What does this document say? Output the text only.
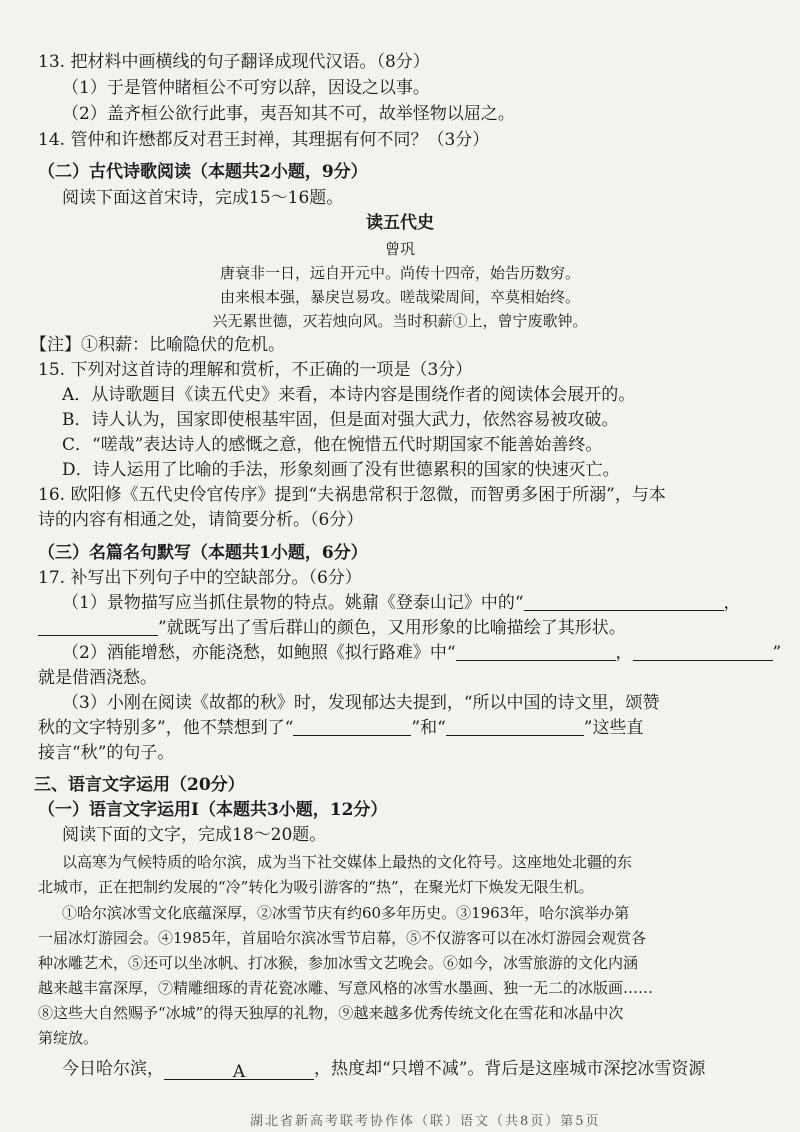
13. 把材料中画横线的句子翻译成现代汉语。（8分）
（1）于是管仲睹桓公不可穷以辞，因设之以事。
（2）盖齐桓公欲行此事，夷吾知其不可，故举怪物以屈之。
14. 管仲和许懋都反对君王封禅，其理据有何不同？（3分）
（二）古代诗歌阅读（本题共2小题，9分）
阅读下面这首宋诗，完成15～16题。
读五代史
曾巩
唐衰非一日，远自开元中。尚传十四帝，始告历数穷。
由来根本强，暴戾岂易攻。嗟哉梁周间，卒莫相始终。
兴无累世德，灭若烛向风。当时积薪①上，曾宁废歌钟。
【注】①积薪：比喻隐伏的危机。
15. 下列对这首诗的理解和赏析，不正确的一项是（3分）
A．从诗歌题目《读五代史》来看，本诗内容是围绕作者的阅读体会展开的。
B．诗人认为，国家即使根基牢固，但是面对强大武力，依然容易被攻破。
C．“嗟哉”表达诗人的感慨之意，他在惋惜五代时期国家不能善始善终。
D．诗人运用了比喻的手法，形象刻画了没有世德累积的国家的快速灭亡。
16. 欧阳修《五代史伶官传序》提到“夫祸患常积于忽微，而智勇多困于所溺”，与本
诗的内容有相通之处，请简要分析。（6分）
（三）名篇名句默写（本题共1小题，6分）
17. 补写出下列句子中的空缺部分。（6分）
（1）景物描写应当抓住景物的特点。姚鼐《登泰山记》中的“	，
”就既写出了雪后群山的颜色，又用形象的比喻描绘了其形状。
（2）酒能增愁，亦能浇愁，如鲍照《拟行路难》中“	，	”
就是借酒浇愁。
（3）小刚在阅读《故都的秋》时，发现郁达夫提到，“所以中国的诗文里，颂赞
秋的文字特别多”，他不禁想到了“	”和“	”这些直
接言“秋”的句子。
三、语言文字运用（20分）
（一）语言文字运用Ⅰ（本题共3小题，12分）
阅读下面的文字，完成18～20题。
以高寒为气候特质的哈尔滨，成为当下社交媒体上最热的文化符号。这座地处北疆的东
北城市，正在把制约发展的“冷”转化为吸引游客的“热”，在聚光灯下焕发无限生机。
①哈尔滨冰雪文化底蕴深厚，②冰雪节庆有约60多年历史。③1963年，哈尔滨举办第
一届冰灯游园会。④1985年，首届哈尔滨冰雪节启幕，⑤不仅游客可以在冰灯游园会观赏各
种冰雕艺术，⑤还可以坐冰帆、打冰猴，参加冰雪文艺晚会。⑥如今，冰雪旅游的文化内涵
越来越丰富深厚，⑦精雕细琢的青花瓷冰雕、写意风格的冰雪水墨画、独一无二的冰版画……
⑧这些大自然赐予“冰城”的得天独厚的礼物，⑨越来越多优秀传统文化在雪花和冰晶中次
第绽放。
今日哈尔滨，	A	，热度却“只增不减”。背后是这座城市深挖冰雪资源
湖北省新高考联考协作体（联）语文（共8页）第5页
